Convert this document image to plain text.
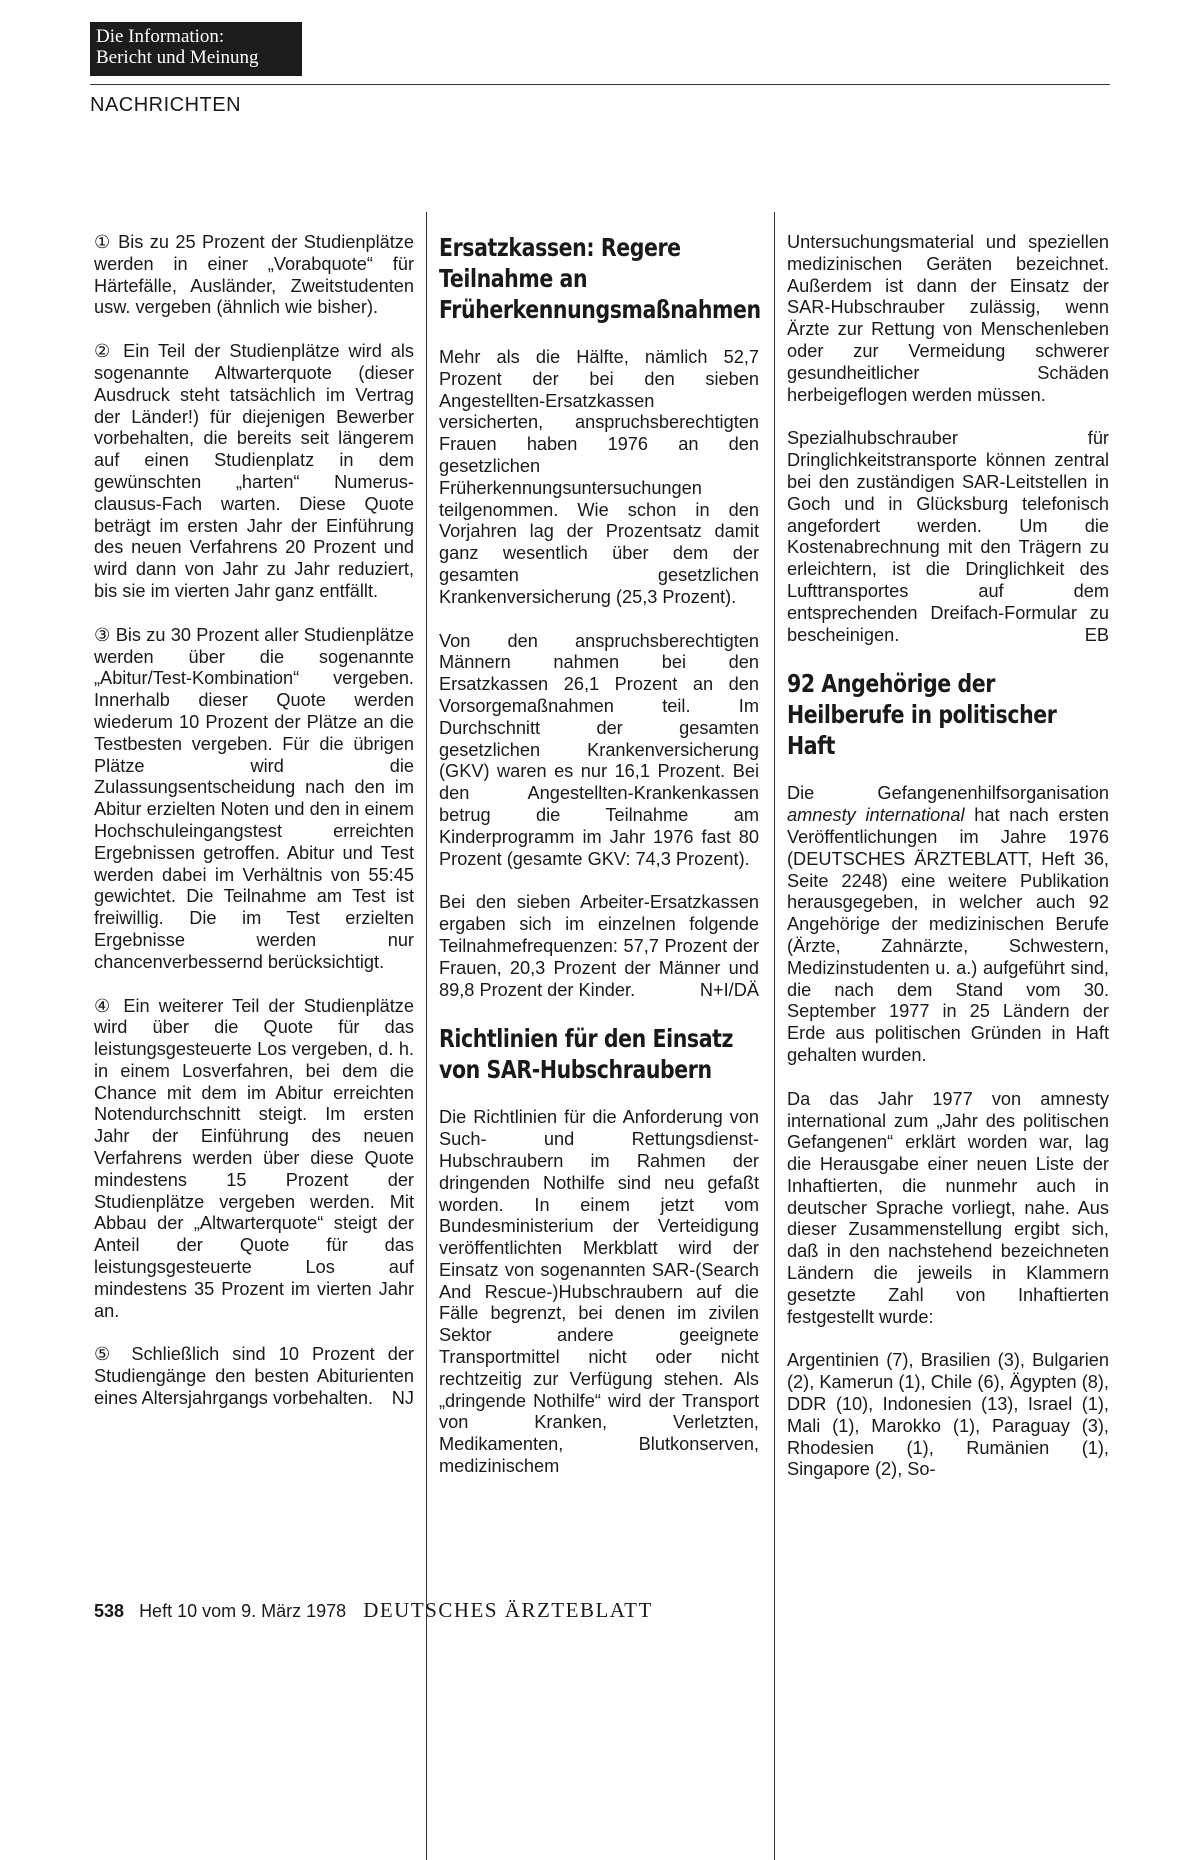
Die Information:
Bericht und Meinung
NACHRICHTEN

① Bis zu 25 Prozent der Studienplätze werden in einer „Vorabquote“ für Härtefälle, Ausländer, Zweitstudenten usw. vergeben (ähnlich wie bisher).

② Ein Teil der Studienplätze wird als sogenannte Altwarterquote (dieser Ausdruck steht tatsächlich im Vertrag der Länder!) für diejenigen Bewerber vorbehalten, die bereits seit längerem auf einen Studienplatz in dem gewünschten „harten“ Numerus-clausus-Fach warten. Diese Quote beträgt im ersten Jahr der Einführung des neuen Verfahrens 20 Prozent und wird dann von Jahr zu Jahr reduziert, bis sie im vierten Jahr ganz entfällt.

③ Bis zu 30 Prozent aller Studienplätze werden über die sogenannte „Abitur/Test-Kombination“ vergeben. Innerhalb dieser Quote werden wiederum 10 Prozent der Plätze an die Testbesten vergeben. Für die übrigen Plätze wird die Zulassungsentscheidung nach den im Abitur erzielten Noten und den in einem Hochschuleingangstest erreichten Ergebnissen getroffen. Abitur und Test werden dabei im Verhältnis von 55:45 gewichtet. Die Teilnahme am Test ist freiwillig. Die im Test erzielten Ergebnisse werden nur chancenverbessernd berücksichtigt.

④ Ein weiterer Teil der Studienplätze wird über die Quote für das leistungsgesteuerte Los vergeben, d. h. in einem Losverfahren, bei dem die Chance mit dem im Abitur erreichten Notendurchschnitt steigt. Im ersten Jahr der Einführung des neuen Verfahrens werden über diese Quote mindestens 15 Prozent der Studienplätze vergeben werden. Mit Abbau der „Altwarterquote“ steigt der Anteil der Quote für das leistungsgesteuerte Los auf mindestens 35 Prozent im vierten Jahr an.

⑤ Schließlich sind 10 Prozent der Studiengänge den besten Abiturienten eines Altersjahrgangs vorbehalten. NJ

Ersatzkassen: Regere Teilnahme an Früherkennungsmaßnahmen

Mehr als die Hälfte, nämlich 52,7 Prozent der bei den sieben Angestellten-Ersatzkassen versicherten, anspruchsberechtigten Frauen haben 1976 an den gesetzlichen Früherkennungsuntersuchungen teilgenommen. Wie schon in den Vorjahren lag der Prozentsatz damit ganz wesentlich über dem der gesamten gesetzlichen Krankenversicherung (25,3 Prozent).

Von den anspruchsberechtigten Männern nahmen bei den Ersatzkassen 26,1 Prozent an den Vorsorgemaßnahmen teil. Im Durchschnitt der gesamten gesetzlichen Krankenversicherung (GKV) waren es nur 16,1 Prozent. Bei den Angestellten-Krankenkassen betrug die Teilnahme am Kinderprogramm im Jahr 1976 fast 80 Prozent (gesamte GKV: 74,3 Prozent).

Bei den sieben Arbeiter-Ersatzkassen ergaben sich im einzelnen folgende Teilnahmefrequenzen: 57,7 Prozent der Frauen, 20,3 Prozent der Männer und 89,8 Prozent der Kinder.	N+I/DÄ

Richtlinien für den Einsatz von SAR-Hubschraubern

Die Richtlinien für die Anforderung von Such- und Rettungsdienst-Hubschraubern im Rahmen der dringenden Nothilfe sind neu gefaßt worden. In einem jetzt vom Bundesministerium der Verteidigung veröffentlichten Merkblatt wird der Einsatz von sogenannten SAR-(Search And Rescue-)Hubschraubern auf die Fälle begrenzt, bei denen im zivilen Sektor andere geeignete Transportmittel nicht oder nicht rechtzeitig zur Verfügung stehen. Als „dringende Nothilfe“ wird der Transport von Kranken, Verletzten, Medikamenten, Blutkonserven, medizinischem

Untersuchungsmaterial und speziellen medizinischen Geräten bezeichnet. Außerdem ist dann der Einsatz der SAR-Hubschrauber zulässig, wenn Ärzte zur Rettung von Menschenleben oder zur Vermeidung schwerer gesundheitlicher Schäden herbeigeflogen werden müssen.

Spezialhubschrauber für Dringlichkeitstransporte können zentral bei den zuständigen SAR-Leitstellen in Goch und in Glücksburg telefonisch angefordert werden. Um die Kostenabrechnung mit den Trägern zu erleichtern, ist die Dringlichkeit des Lufttransportes auf dem entsprechenden Dreifach-Formular zu bescheinigen.	EB

92 Angehörige der Heilberufe in politischer Haft

Die Gefangenenhilfsorganisation amnesty international hat nach ersten Veröffentlichungen im Jahre 1976 (DEUTSCHES ÄRZTEBLATT, Heft 36, Seite 2248) eine weitere Publikation herausgegeben, in welcher auch 92 Angehörige der medizinischen Berufe (Ärzte, Zahnärzte, Schwestern, Medizinstudenten u. a.) aufgeführt sind, die nach dem Stand vom 30. September 1977 in 25 Ländern der Erde aus politischen Gründen in Haft gehalten wurden.

Da das Jahr 1977 von amnesty international zum „Jahr des politischen Gefangenen“ erklärt worden war, lag die Herausgabe einer neuen Liste der Inhaftierten, die nunmehr auch in deutscher Sprache vorliegt, nahe. Aus dieser Zusammenstellung ergibt sich, daß in den nachstehend bezeichneten Ländern die jeweils in Klammern gesetzte Zahl von Inhaftierten festgestellt wurde:

Argentinien (7), Brasilien (3), Bulgarien (2), Kamerun (1), Chile (6), Ägypten (8), DDR (10), Indonesien (13), Israel (1), Mali (1), Marokko (1), Paraguay (3), Rhodesien (1), Rumänien (1), Singapore (2), So-

538 Heft 10 vom 9. März 1978 DEUTSCHES ÄRZTEBLATT
